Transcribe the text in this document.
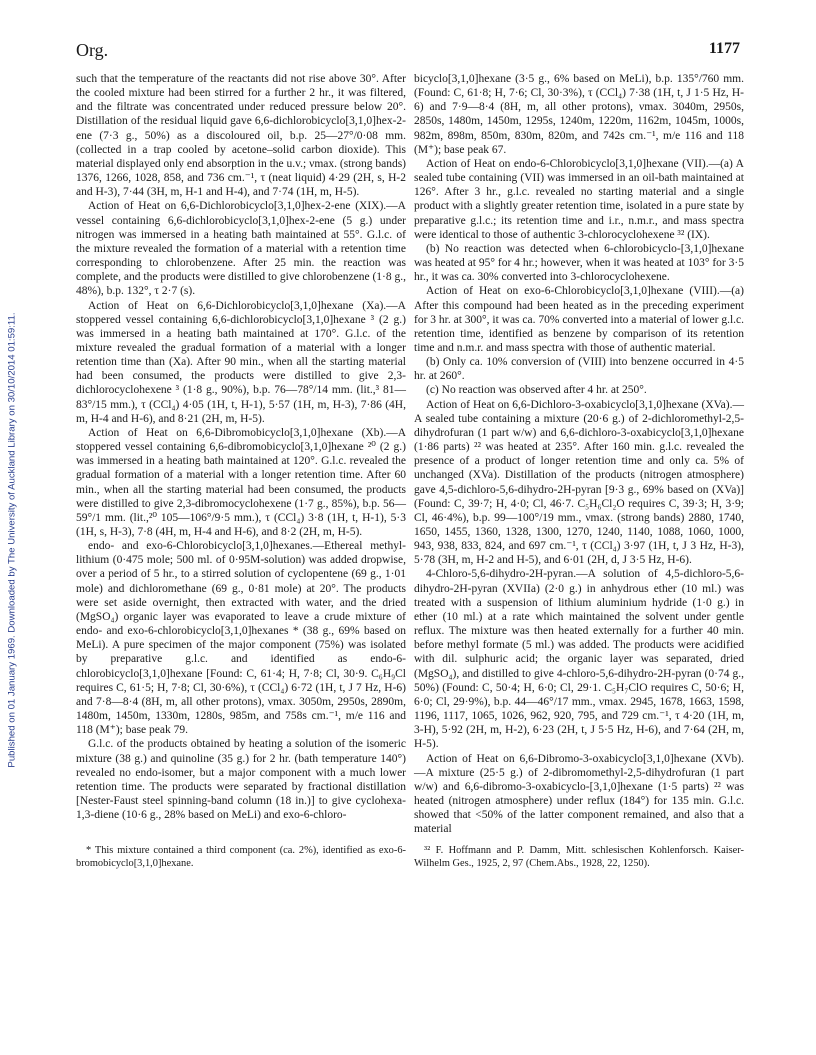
Published on 01 January 1969. Downloaded by The University of Auckland Library on 30/10/2014 01:59:11.
Org.	1177

such that the temperature of the reactants did not rise above 30°. After the cooled mixture had been stirred for a further 2 hr., it was filtered, and the filtrate was concentrated under reduced pressure below 20°. Distillation of the residual liquid gave 6,6-dichlorobicyclo[3,1,0]hex-2-ene (7·3 g., 50%) as a discoloured oil, b.p. 25—27°/0·08 mm. (collected in a trap cooled by acetone–solid carbon dioxide). This material displayed only end absorption in the u.v.; νmax. (strong bands) 1376, 1266, 1028, 858, and 736 cm.⁻¹, τ (neat liquid) 4·29 (2H, s, H-2 and H-3), 7·44 (3H, m, H-1 and H-4), and 7·74 (1H, m, H-5).

Action of Heat on 6,6-Dichlorobicyclo[3,1,0]hex-2-ene (XIX).—A vessel containing 6,6-dichlorobicyclo[3,1,0]hex-2-ene (5 g.) under nitrogen was immersed in a heating bath maintained at 55°. G.l.c. of the mixture revealed the formation of a material with a retention time corresponding to chlorobenzene. After 25 min. the reaction was complete, and the products were distilled to give chlorobenzene (1·8 g., 48%), b.p. 132°, τ 2·7 (s).

Action of Heat on 6,6-Dichlorobicyclo[3,1,0]hexane (Xa).—A stoppered vessel containing 6,6-dichlorobicyclo[3,1,0]hexane ³ (2 g.) was immersed in a heating bath maintained at 170°. G.l.c. of the mixture revealed the gradual formation of a material with a longer retention time than (Xa). After 90 min., when all the starting material had been consumed, the products were distilled to give 2,3-dichlorocyclohexene ³ (1·8 g., 90%), b.p. 76—78°/14 mm. (lit.,³ 81—83°/15 mm.), τ (CCl₄) 4·05 (1H, t, H-1), 5·57 (1H, m, H-3), 7·86 (4H, m, H-4 and H-6), and 8·21 (2H, m, H-5).

Action of Heat on 6,6-Dibromobicyclo[3,1,0]hexane (Xb).—A stoppered vessel containing 6,6-dibromobicyclo[3,1,0]hexane ²⁰ (2 g.) was immersed in a heating bath maintained at 120°. G.l.c. revealed the gradual formation of a material with a longer retention time. After 60 min., when all the starting material had been consumed, the products were distilled to give 2,3-dibromocyclohexene (1·7 g., 85%), b.p. 56—59°/1 mm. (lit.,²⁰ 105—106°/9·5 mm.), τ (CCl₄) 3·8 (1H, t, H-1), 5·3 (1H, s, H-3), 7·8 (4H, m, H-4 and H-6), and 8·2 (2H, m, H-5).

endo- and exo-6-Chlorobicyclo[3,1,0]hexanes.—Ethereal methyl-lithium (0·475 mole; 500 ml. of 0·95M-solution) was added dropwise, over a period of 5 hr., to a stirred solution of cyclopentene (69 g., 1·01 mole) and dichloromethane (69 g., 0·81 mole) at 20°. The products were set aside overnight, then extracted with water, and the dried (MgSO₄) organic layer was evaporated to leave a crude mixture of endo- and exo-6-chlorobicyclo[3,1,0]hexanes * (38 g., 69% based on MeLi). A pure specimen of the major component (75%) was isolated by preparative g.l.c. and identified as endo-6-chlorobicyclo[3,1,0]hexane [Found: C, 61·4; H, 7·8; Cl, 30·9. C₆H₉Cl requires C, 61·5; H, 7·8; Cl, 30·6%), τ (CCl₄) 6·72 (1H, t, J 7 Hz, H-6) and 7·8—8·4 (8H, m, all other protons), νmax. 3050m, 2950s, 2890m, 1480m, 1450m, 1330m, 1280s, 985m, and 758s cm.⁻¹, m/e 116 and 118 (M⁺); base peak 79.

G.l.c. of the products obtained by heating a solution of the isomeric mixture (38 g.) and quinoline (35 g.) for 2 hr. (bath temperature 140°) revealed no endo-isomer, but a major component with a much lower retention time. The products were separated by fractional distillation [Nester-Faust steel spinning-band column (18 in.)] to give cyclohexa-1,3-diene (10·6 g., 28% based on MeLi) and exo-6-chloro-

bicyclo[3,1,0]hexane (3·5 g., 6% based on MeLi), b.p. 135°/760 mm. (Found: C, 61·8; H, 7·6; Cl, 30·3%), τ (CCl₄) 7·38 (1H, t, J 1·5 Hz, H-6) and 7·9—8·4 (8H, m, all other protons), νmax. 3040m, 2950s, 2850s, 1480m, 1450m, 1295s, 1240m, 1220m, 1162m, 1045m, 1000s, 982m, 898m, 850m, 830m, 820m, and 742s cm.⁻¹, m/e 116 and 118 (M⁺); base peak 67.

Action of Heat on endo-6-Chlorobicyclo[3,1,0]hexane (VII).—(a) A sealed tube containing (VII) was immersed in an oil-bath maintained at 126°. After 3 hr., g.l.c. revealed no starting material and a single product with a slightly greater retention time, isolated in a pure state by preparative g.l.c.; its retention time and i.r., n.m.r., and mass spectra were identical to those of authentic 3-chlorocyclohexene ³² (IX).

(b) No reaction was detected when 6-chlorobicyclo-[3,1,0]hexane was heated at 95° for 4 hr.; however, when it was heated at 103° for 3·5 hr., it was ca. 30% converted into 3-chlorocyclohexene.

Action of Heat on exo-6-Chlorobicyclo[3,1,0]hexane (VIII).—(a) After this compound had been heated as in the preceding experiment for 3 hr. at 300°, it was ca. 70% converted into a material of lower g.l.c. retention time, identified as benzene by comparison of its retention time and n.m.r. and mass spectra with those of authentic material.

(b) Only ca. 10% conversion of (VIII) into benzene occurred in 4·5 hr. at 260°.

(c) No reaction was observed after 4 hr. at 250°.

Action of Heat on 6,6-Dichloro-3-oxabicyclo[3,1,0]hexane (XVa).—A sealed tube containing a mixture (20·6 g.) of 2-dichloromethyl-2,5-dihydrofuran (1 part w/w) and 6,6-dichloro-3-oxabicyclo[3,1,0]hexane (1·86 parts) ²² was heated at 235°. After 160 min. g.l.c. revealed the presence of a product of longer retention time and only ca. 5% of unchanged (XVa). Distillation of the products (nitrogen atmosphere) gave 4,5-dichloro-5,6-dihydro-2H-pyran [9·3 g., 69% based on (XVa)] (Found: C, 39·7; H, 4·0; Cl, 46·7. C₅H₆Cl₂O requires C, 39·3; H, 3·9; Cl, 46·4%), b.p. 99—100°/19 mm., νmax. (strong bands) 2880, 1740, 1650, 1455, 1360, 1328, 1300, 1270, 1240, 1140, 1088, 1060, 1000, 943, 938, 833, 824, and 697 cm.⁻¹, τ (CCl₄) 3·97 (1H, t, J 3 Hz, H-3), 5·78 (3H, m, H-2 and H-5), and 6·01 (2H, d, J 3·5 Hz, H-6).

4-Chloro-5,6-dihydro-2H-pyran.—A solution of 4,5-dichloro-5,6-dihydro-2H-pyran (XVIIa) (2·0 g.) in anhydrous ether (10 ml.) was treated with a suspension of lithium aluminium hydride (1·0 g.) in ether (10 ml.) at a rate which maintained the solvent under gentle reflux. The mixture was then heated externally for a further 40 min. before methyl formate (5 ml.) was added. The products were acidified with dil. sulphuric acid; the organic layer was separated, dried (MgSO₄), and distilled to give 4-chloro-5,6-dihydro-2H-pyran (0·74 g., 50%) (Found: C, 50·4; H, 6·0; Cl, 29·1. C₅H₇ClO requires C, 50·6; H, 6·0; Cl, 29·9%), b.p. 44—46°/17 mm., νmax. 2945, 1678, 1663, 1598, 1196, 1117, 1065, 1026, 962, 920, 795, and 729 cm.⁻¹, τ 4·20 (1H, m, 3-H), 5·92 (2H, m, H-2), 6·23 (2H, t, J 5·5 Hz, H-6), and 7·64 (2H, m, H-5).

Action of Heat on 6,6-Dibromo-3-oxabicyclo[3,1,0]hexane (XVb).—A mixture (25·5 g.) of 2-dibromomethyl-2,5-dihydrofuran (1 part w/w) and 6,6-dibromo-3-oxabicyclo-[3,1,0]hexane (1·5 parts) ²² was heated (nitrogen atmosphere) under reflux (184°) for 135 min. G.l.c. showed that <50% of the latter component remained, and also that a material

* This mixture contained a third component (ca. 2%), identified as exo-6-bromobicyclo[3,1,0]hexane.

³² F. Hoffmann and P. Damm, Mitt. schlesischen Kohlenforsch. Kaiser-Wilhelm Ges., 1925, 2, 97 (Chem.Abs., 1928, 22, 1250).
